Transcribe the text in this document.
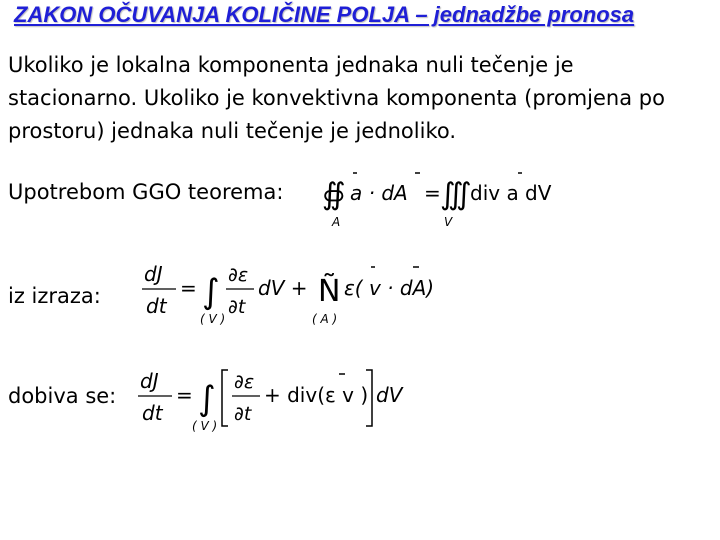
ZAKON OČUVANJA KOLIČINE POLJA – jednadžbe pronosa
Ukoliko je lokalna komponenta jednaka nuli tečenje je
stacionarno. Ukoliko je konvektivna komponenta (promjena po
prostoru) jednaka nuli tečenje je jednoliko.
Upotrebom GGO teorema: ∯
A
a · dA = ∭
V
div a dV
iz izraza:
dJ
dt
= ∫
( V )
∂ε
∂t
dV + Ñ
( A )
ε( v · dA)
dobiva se:
dJ
dt
= ∫
( V )
∂ε
∂t
+ div(ε v ) dV
